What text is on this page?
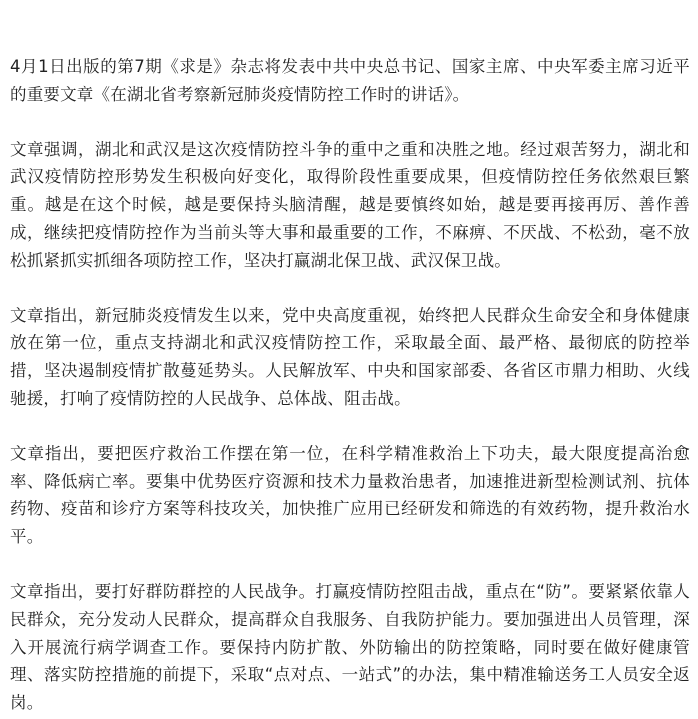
4月1日出版的第7期《求是》杂志将发表中共中央总书记、国家主席、中央军委主席习近平的重要文章《在湖北省考察新冠肺炎疫情防控工作时的讲话》。

文章强调，湖北和武汉是这次疫情防控斗争的重中之重和决胜之地。经过艰苦努力，湖北和武汉疫情防控形势发生积极向好变化，取得阶段性重要成果，但疫情防控任务依然艰巨繁重。越是在这个时候，越是要保持头脑清醒，越是要慎终如始，越是要再接再厉、善作善成，继续把疫情防控作为当前头等大事和最重要的工作，不麻痹、不厌战、不松劲，毫不放松抓紧抓实抓细各项防控工作，坚决打赢湖北保卫战、武汉保卫战。

文章指出，新冠肺炎疫情发生以来，党中央高度重视，始终把人民群众生命安全和身体健康放在第一位，重点支持湖北和武汉疫情防控工作，采取最全面、最严格、最彻底的防控举措，坚决遏制疫情扩散蔓延势头。人民解放军、中央和国家部委、各省区市鼎力相助、火线驰援，打响了疫情防控的人民战争、总体战、阻击战。

文章指出，要把医疗救治工作摆在第一位，在科学精准救治上下功夫，最大限度提高治愈率、降低病亡率。要集中优势医疗资源和技术力量救治患者，加速推进新型检测试剂、抗体药物、疫苗和诊疗方案等科技攻关，加快推广应用已经研发和筛选的有效药物，提升救治水平。

文章指出，要打好群防群控的人民战争。打赢疫情防控阻击战，重点在“防”。要紧紧依靠人民群众，充分发动人民群众，提高群众自我服务、自我防护能力。要加强进出人员管理，深入开展流行病学调查工作。要保持内防扩散、外防输出的防控策略，同时要在做好健康管理、落实防控措施的前提下，采取“点对点、一站式”的办法，集中精准输送务工人员安全返岗。
